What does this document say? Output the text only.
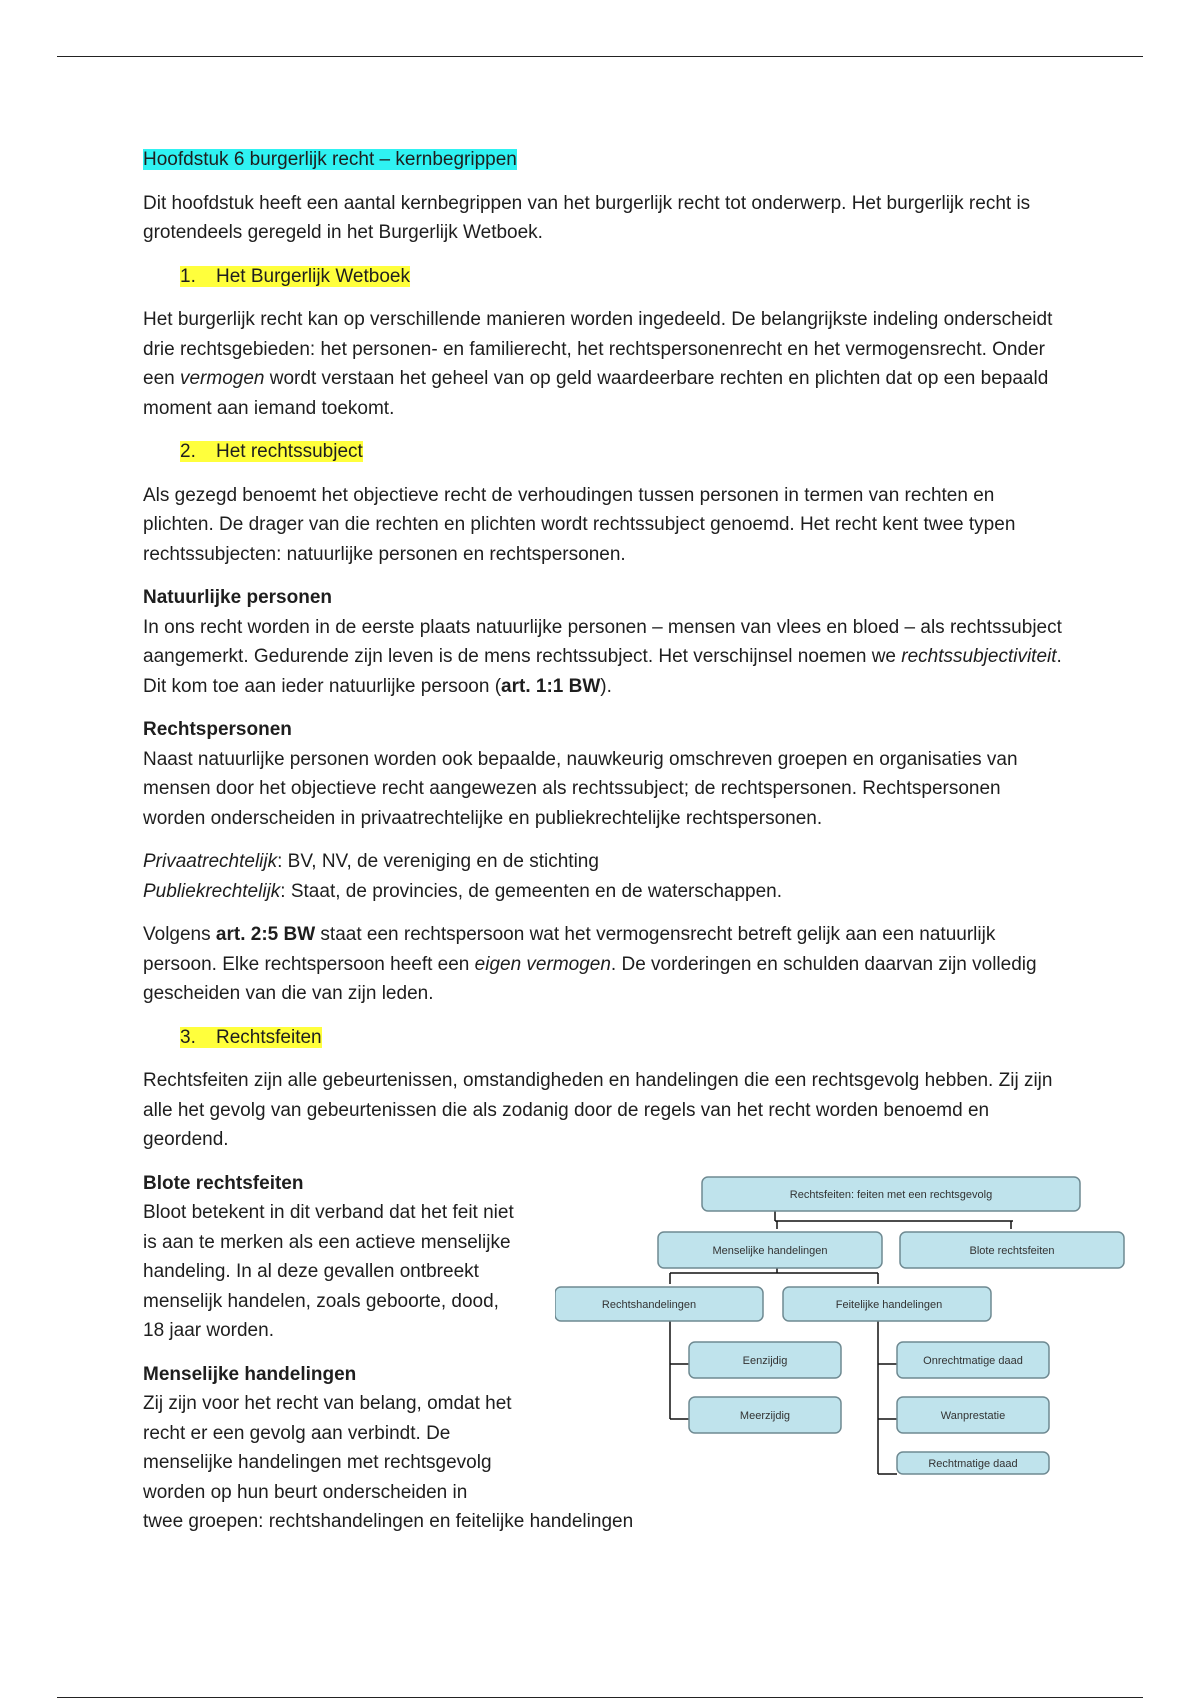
Hoofdstuk 6 burgerlijk recht – kernbegrippen

Dit hoofdstuk heeft een aantal kernbegrippen van het burgerlijk recht tot onderwerp. Het burgerlijk recht is grotendeels geregeld in het Burgerlijk Wetboek.

1. Het Burgerlijk Wetboek

Het burgerlijk recht kan op verschillende manieren worden ingedeeld. De belangrijkste indeling onderscheidt drie rechtsgebieden: het personen- en familierecht, het rechtspersonenrecht en het vermogensrecht. Onder een vermogen wordt verstaan het geheel van op geld waardeerbare rechten en plichten dat op een bepaald moment aan iemand toekomt.

2. Het rechtssubject

Als gezegd benoemt het objectieve recht de verhoudingen tussen personen in termen van rechten en plichten. De drager van die rechten en plichten wordt rechtssubject genoemd. Het recht kent twee typen rechtssubjecten: natuurlijke personen en rechtspersonen.

Natuurlijke personen

In ons recht worden in de eerste plaats natuurlijke personen – mensen van vlees en bloed – als rechtssubject aangemerkt. Gedurende zijn leven is de mens rechtssubject. Het verschijnsel noemen we rechtssubjectiviteit. Dit kom toe aan ieder natuurlijke persoon (art. 1:1 BW).

Rechtspersonen

Naast natuurlijke personen worden ook bepaalde, nauwkeurig omschreven groepen en organisaties van mensen door het objectieve recht aangewezen als rechtssubject; de rechtspersonen. Rechtspersonen worden onderscheiden in privaatrechtelijke en publiekrechtelijke rechtspersonen.

Privaatrechtelijk: BV, NV, de vereniging en de stichting
Publiekrechtelijk: Staat, de provincies, de gemeenten en de waterschappen.

Volgens art. 2:5 BW staat een rechtspersoon wat het vermogensrecht betreft gelijk aan een natuurlijk persoon. Elke rechtspersoon heeft een eigen vermogen. De vorderingen en schulden daarvan zijn volledig gescheiden van die van zijn leden.

3. Rechtsfeiten

Rechtsfeiten zijn alle gebeurtenissen, omstandigheden en handelingen die een rechtsgevolg hebben. Zij zijn alle het gevolg van gebeurtenissen die als zodanig door de regels van het recht worden benoemd en geordend.

Blote rechtsfeiten

Bloot betekent in dit verband dat het feit niet is aan te merken als een actieve menselijke handeling. In al deze gevallen ontbreekt menselijk handelen, zoals geboorte, dood, 18 jaar worden.

Menselijke handelingen

Zij zijn voor het recht van belang, omdat het recht er een gevolg aan verbindt. De menselijke handelingen met rechtsgevolg worden op hun beurt onderscheiden in
twee groepen: rechtshandelingen en feitelijke handelingen

Rechtsfeiten: feiten met een rechtsgevolg
Menselijke handelingen	Blote rechtsfeiten
Rechtshandelingen	Feitelijke handelingen
Eenzijdig
Meerzijdig
Onrechtmatige daad
Wanprestatie
Rechtmatige daad
